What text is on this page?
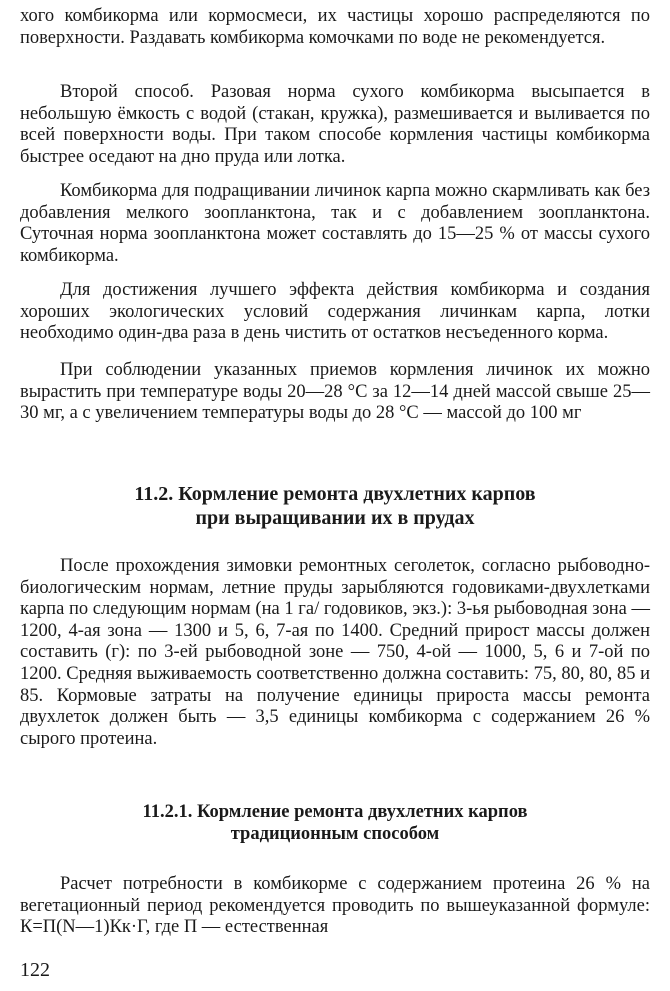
хого комбикорма или кормосмеси, их частицы хорошо распределяются по поверхности. Раздавать комбикорма комочками по воде не рекомендуется.

Второй способ. Разовая норма сухого комбикорма высыпается в небольшую ёмкость с водой (стакан, кружка), размешивается и выливается по всей поверхности воды. При таком способе кормления частицы комбикорма быстрее оседают на дно пруда или лотка.

Комбикорма для подращивании личинок карпа можно скармливать как без добавления мелкого зоопланктона, так и с добавлением зоопланктона. Суточная норма зоопланктона может составлять до 15—25 % от массы сухого комбикорма.

Для достижения лучшего эффекта действия комбикорма и создания хороших экологических условий содержания личинкам карпа, лотки необходимо один-два раза в день чистить от остатков несъеденного корма.

При соблюдении указанных приемов кормления личинок их можно вырастить при температуре воды 20—28 °С за 12—14 дней массой свыше 25—30 мг, а с увеличением температуры воды до 28 °С — массой до 100 мг

11.2. Кормление ремонта двухлетних карпов
при выращивании их в прудах

После прохождения зимовки ремонтных сеголеток, согласно рыбоводно-биологическим нормам, летние пруды зарыбляются годовиками-двухлетками карпа по следующим нормам (на 1 га/ годовиков, экз.): 3-ья рыбоводная зона — 1200, 4-ая зона — 1300 и 5, 6, 7-ая по 1400. Средний прирост массы должен составить (г): по 3-ей рыбоводной зоне — 750, 4-ой — 1000, 5, 6 и 7-ой по 1200. Средняя выживаемость соответственно должна составить: 75, 80, 80, 85 и 85. Кормовые затраты на получение единицы прироста массы ремонта двухлеток должен быть — 3,5 единицы комбикорма с содержанием 26 % сырого протеина.

11.2.1. Кормление ремонта двухлетних карпов
традиционным способом

Расчет потребности в комбикорме с содержанием протеина 26 % на вегетационный период рекомендуется проводить по вышеуказанной формуле: К=П(N—1)Кк·Г, где П — естественная

122
